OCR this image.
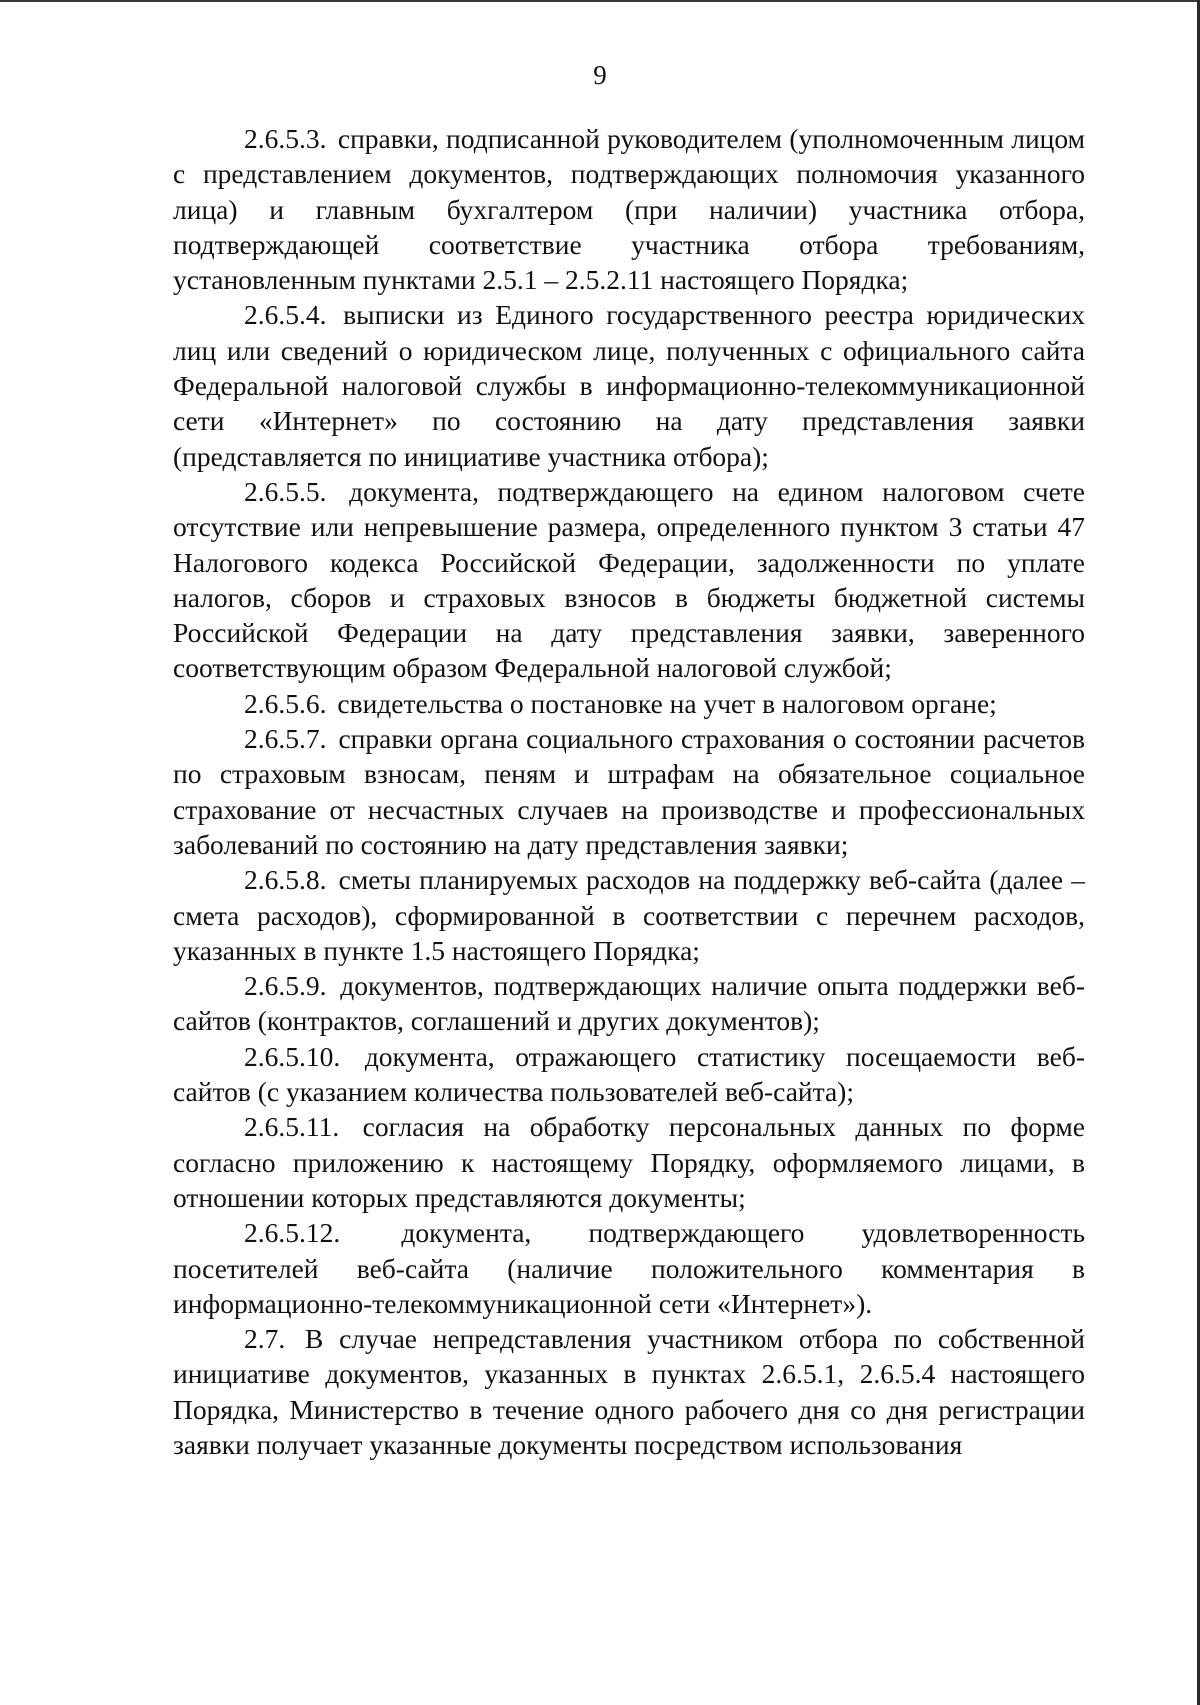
9

2.6.5.3. справки, подписанной руководителем (уполномоченным лицом с представлением документов, подтверждающих полномочия указанного лица) и главным бухгалтером (при наличии) участника отбора, подтверждающей соответствие участника отбора требованиям, установленным пунктами 2.5.1 – 2.5.2.11 настоящего Порядка;

2.6.5.4. выписки из Единого государственного реестра юридических лиц или сведений о юридическом лице, полученных с официального сайта Федеральной налоговой службы в информационно-телекоммуникационной сети «Интернет» по состоянию на дату представления заявки (представляется по инициативе участника отбора);

2.6.5.5. документа, подтверждающего на едином налоговом счете отсутствие или непревышение размера, определенного пунктом 3 статьи 47 Налогового кодекса Российской Федерации, задолженности по уплате налогов, сборов и страховых взносов в бюджеты бюджетной системы Российской Федерации на дату представления заявки, заверенного соответствующим образом Федеральной налоговой службой;

2.6.5.6. свидетельства о постановке на учет в налоговом органе;

2.6.5.7. справки органа социального страхования о состоянии расчетов по страховым взносам, пеням и штрафам на обязательное социальное страхование от несчастных случаев на производстве и профессиональных заболеваний по состоянию на дату представления заявки;

2.6.5.8. сметы планируемых расходов на поддержку веб-сайта (далее – смета расходов), сформированной в соответствии с перечнем расходов, указанных в пункте 1.5 настоящего Порядка;

2.6.5.9. документов, подтверждающих наличие опыта поддержки веб-сайтов (контрактов, соглашений и других документов);

2.6.5.10. документа, отражающего статистику посещаемости веб-сайтов (с указанием количества пользователей веб-сайта);

2.6.5.11. согласия на обработку персональных данных по форме согласно приложению к настоящему Порядку, оформляемого лицами, в отношении которых представляются документы;

2.6.5.12. документа, подтверждающего удовлетворенность посетителей веб-сайта (наличие положительного комментария в информационно-телекоммуникационной сети «Интернет»).

2.7. В случае непредставления участником отбора по собственной инициативе документов, указанных в пунктах 2.6.5.1, 2.6.5.4 настоящего Порядка, Министерство в течение одного рабочего дня со дня регистрации заявки получает указанные документы посредством использования
